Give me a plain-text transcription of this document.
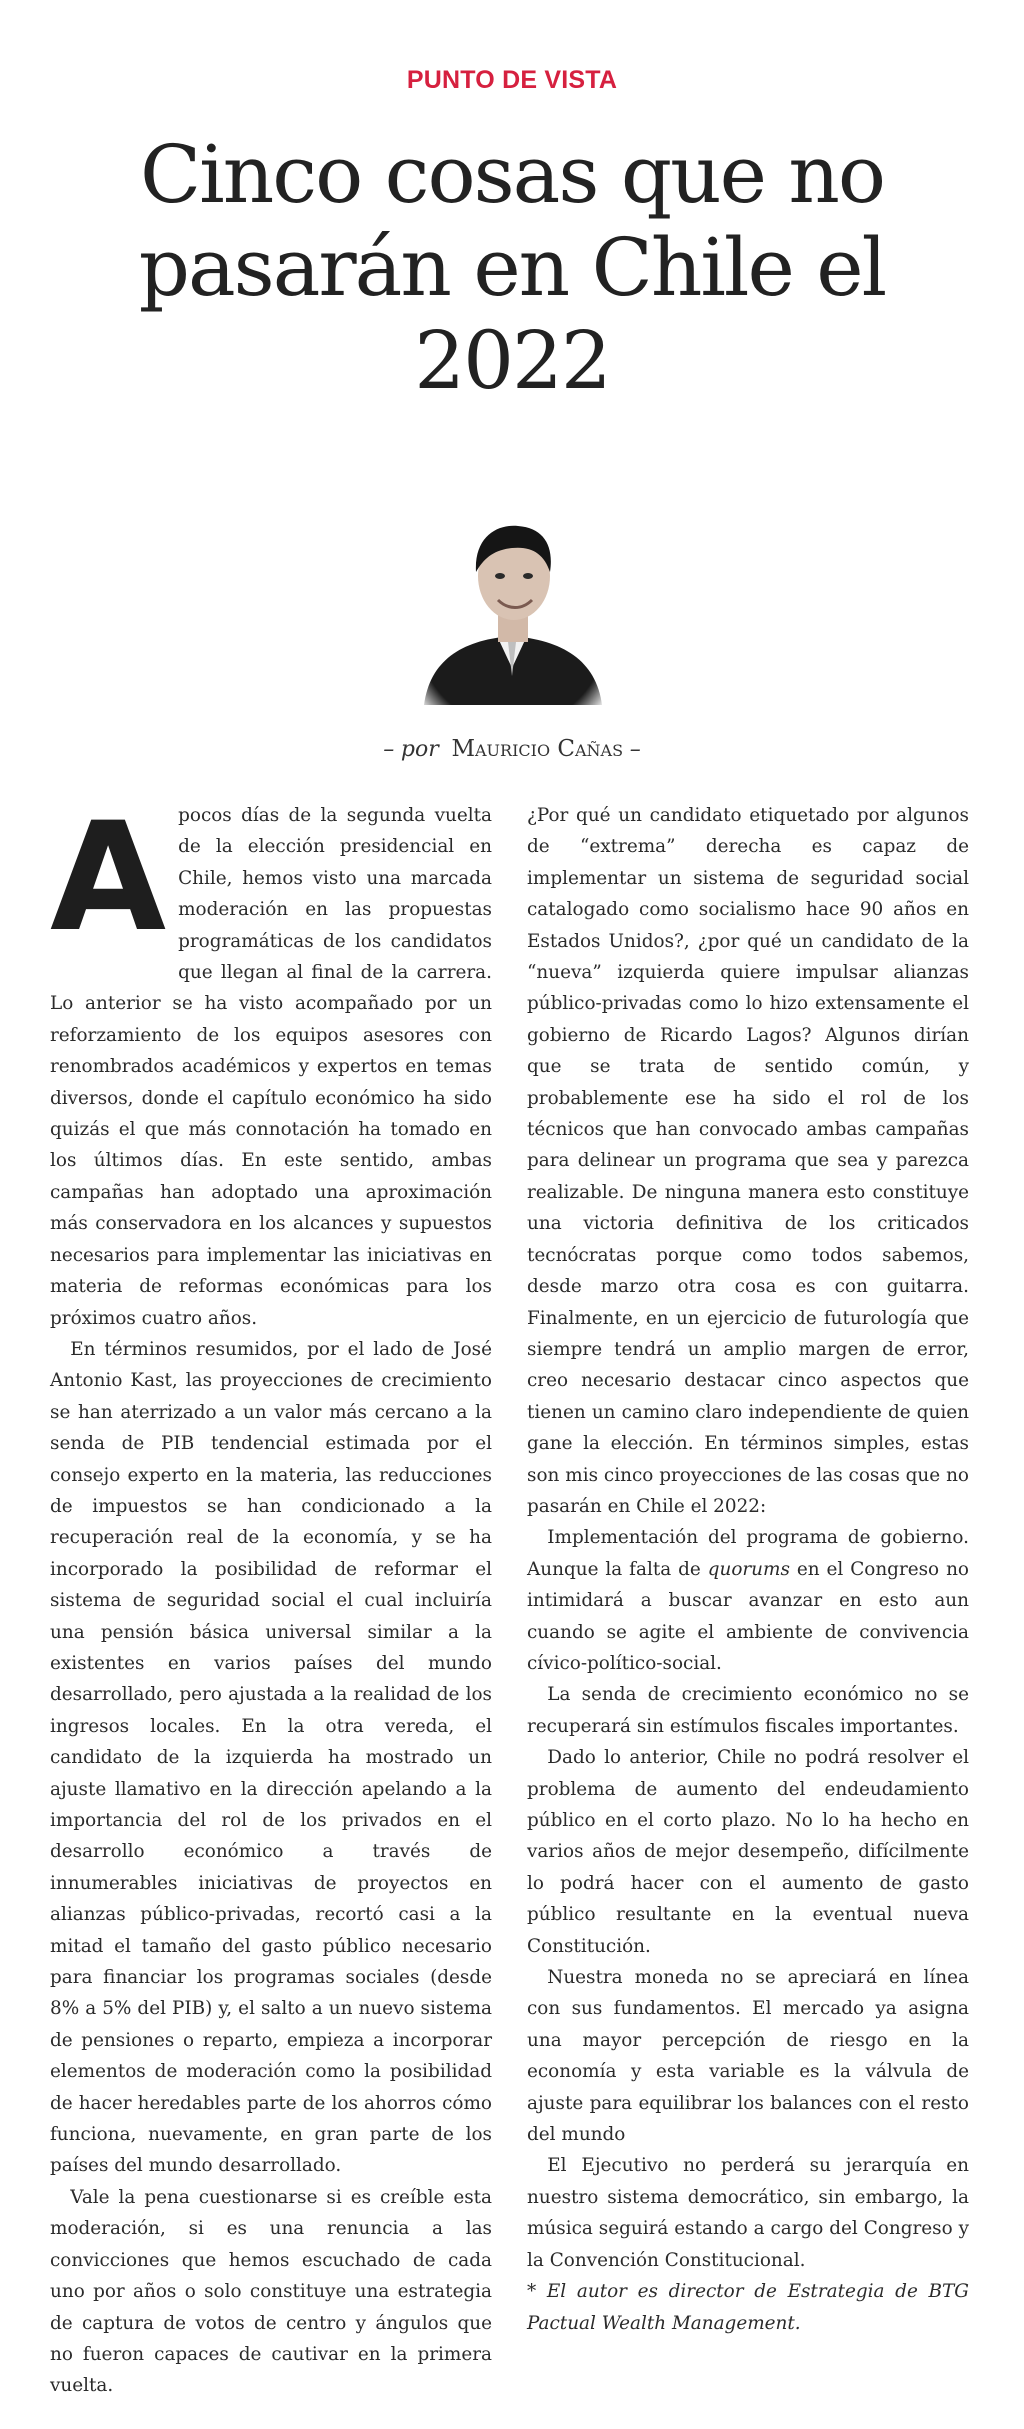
PUNTO DE VISTA
Cinco cosas que no pasarán en Chile el 2022
– por Mauricio Cañas –

Apocos días de la segunda vuelta de la elección presidencial en Chile, hemos visto una marcada moderación en las propuestas programáticas de los candidatos que llegan al final de la carrera. Lo anterior se ha visto acompañado por un reforzamiento de los equipos asesores con renombrados académicos y expertos en temas diversos, donde el capítulo económico ha sido quizás el que más connotación ha tomado en los últimos días. En este sentido, ambas campañas han adoptado una aproximación más conservadora en los alcances y supuestos necesarios para implementar las iniciativas en materia de reformas económicas para los próximos cuatro años.

En términos resumidos, por el lado de José Antonio Kast, las proyecciones de crecimiento se han aterrizado a un valor más cercano a la senda de PIB tendencial estimada por el consejo experto en la materia, las reducciones de impuestos se han condicionado a la recuperación real de la economía, y se ha incorporado la posibilidad de reformar el sistema de seguridad social el cual incluiría una pensión básica universal similar a la existentes en varios países del mundo desarrollado, pero ajustada a la realidad de los ingresos locales. En la otra vereda, el candidato de la izquierda ha mostrado un ajuste llamativo en la dirección apelando a la importancia del rol de los privados en el desarrollo económico a través de innumerables iniciativas de proyectos en alianzas público-privadas, recortó casi a la mitad el tamaño del gasto público necesario para financiar los programas sociales (desde 8% a 5% del PIB) y, el salto a un nuevo sistema de pensiones o reparto, empieza a incorporar elementos de moderación como la posibilidad de hacer heredables parte de los ahorros cómo funciona, nuevamente, en gran parte de los países del mundo desarrollado.

Vale la pena cuestionarse si es creíble esta moderación, si es una renuncia a las convicciones que hemos escuchado de cada uno por años o solo constituye una estrategia de captura de votos de centro y ángulos que no fueron capaces de cautivar en la primera vuelta.

¿Por qué un candidato etiquetado por algunos de “extrema” derecha es capaz de implementar un sistema de seguridad social catalogado como socialismo hace 90 años en Estados Unidos?, ¿por qué un candidato de la “nueva” izquierda quiere impulsar alianzas público-privadas como lo hizo extensamente el gobierno de Ricardo Lagos? Algunos dirían que se trata de sentido común, y probablemente ese ha sido el rol de los técnicos que han convocado ambas campañas para delinear un programa que sea y parezca realizable. De ninguna manera esto constituye una victoria definitiva de los criticados tecnócratas porque como todos sabemos, desde marzo otra cosa es con guitarra. Finalmente, en un ejercicio de futurología que siempre tendrá un amplio margen de error, creo necesario destacar cinco aspectos que tienen un camino claro independiente de quien gane la elección. En términos simples, estas son mis cinco proyecciones de las cosas que no pasarán en Chile el 2022:

Implementación del programa de gobierno. Aunque la falta de quorums en el Congreso no intimidará a buscar avanzar en esto aun cuando se agite el ambiente de convivencia cívico-político-social.

La senda de crecimiento económico no se recuperará sin estímulos fiscales importantes.

Dado lo anterior, Chile no podrá resolver el problema de aumento del endeudamiento público en el corto plazo. No lo ha hecho en varios años de mejor desempeño, difícilmente lo podrá hacer con el aumento de gasto público resultante en la eventual nueva Constitución.

Nuestra moneda no se apreciará en línea con sus fundamentos. El mercado ya asigna una mayor percepción de riesgo en la economía y esta variable es la válvula de ajuste para equilibrar los balances con el resto del mundo

El Ejecutivo no perderá su jerarquía en nuestro sistema democrático, sin embargo, la música seguirá estando a cargo del Congreso y la Convención Constitucional.

* El autor es director de Estrategia de BTG Pactual Wealth Management.
